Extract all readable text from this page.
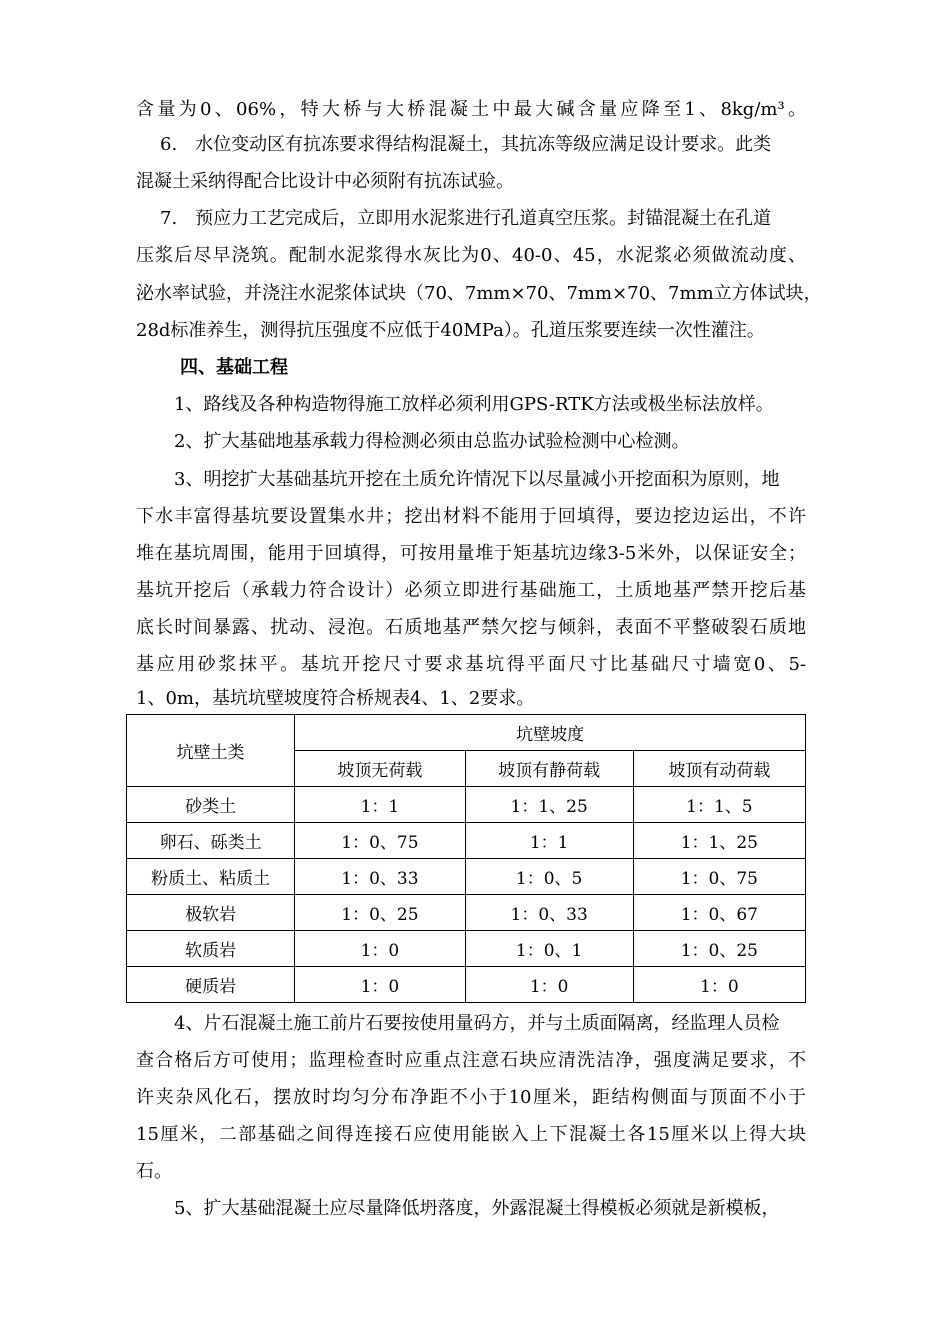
含量为0、06%，特大桥与大桥混凝土中最大碱含量应降至1、8kg/m³。
6.　水位变动区有抗冻要求得结构混凝土，其抗冻等级应满足设计要求。此类
混凝土采纳得配合比设计中必须附有抗冻试验。
7.　预应力工艺完成后，立即用水泥浆进行孔道真空压浆。封锚混凝土在孔道
压浆后尽早浇筑。配制水泥浆得水灰比为0、40-0、45，水泥浆必须做流动度、
泌水率试验，并浇注水泥浆体试块（70、7mm×70、7mm×70、7mm立方体试块，
28d标准养生，测得抗压强度不应低于40MPa）。孔道压浆要连续一次性灌注。
四、基础工程
1、路线及各种构造物得施工放样必须利用GPS-RTK方法或极坐标法放样。
2、扩大基础地基承载力得检测必须由总监办试验检测中心检测。
3、明挖扩大基础基坑开挖在土质允许情况下以尽量减小开挖面积为原则，地
下水丰富得基坑要设置集水井；挖出材料不能用于回填得，要边挖边运出，不许
堆在基坑周围，能用于回填得，可按用量堆于矩基坑边缘3-5米外，以保证安全；
基坑开挖后（承载力符合设计）必须立即进行基础施工，土质地基严禁开挖后基
底长时间暴露、扰动、浸泡。石质地基严禁欠挖与倾斜，表面不平整破裂石质地
基应用砂浆抹平。基坑开挖尺寸要求基坑得平面尺寸比基础尺寸墙宽0、5-
1、0m，基坑坑壁坡度符合桥规表4、1、2要求。
坑壁土类	坑壁坡度		
	坡顶无荷载	坡顶有静荷载	坡顶有动荷载
砂类土	1：1	1：1、25	1：1、5
卵石、砾类土	1：0、75	1：1	1：1、25
粉质土、粘质土	1：0、33	1：0、5	1：0、75
极软岩	1：0、25	1：0、33	1：0、67
软质岩	1：0	1：0、1	1：0、25
硬质岩	1：0	1：0	1：0
4、片石混凝土施工前片石要按使用量码方，并与土质面隔离，经监理人员检
查合格后方可使用；监理检查时应重点注意石块应清洗洁净，强度满足要求，不
许夹杂风化石，摆放时均匀分布净距不小于10厘米，距结构侧面与顶面不小于
15厘米，二部基础之间得连接石应使用能嵌入上下混凝土各15厘米以上得大块
石。
5、扩大基础混凝土应尽量降低坍落度，外露混凝土得模板必须就是新模板，
